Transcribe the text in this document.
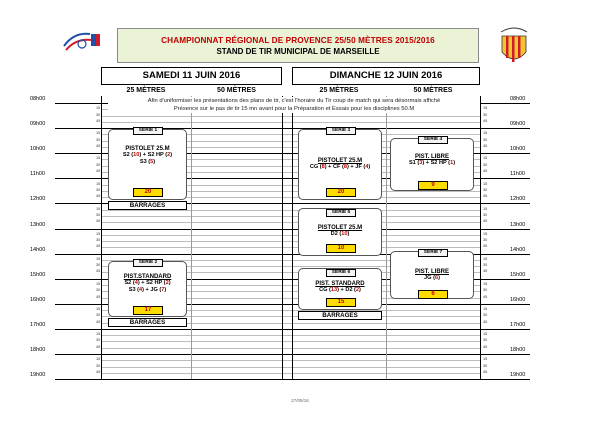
CHAMPIONNAT RÉGIONAL DE PROVENCE 25/50 MÈTRES 2015/2016
STAND DE TIR MUNICIPAL DE MARSEILLE
SAMEDI 11 JUIN 2016	DIMANCHE 12 JUIN 2016
25 MÈTRES	50 MÈTRES	25 MÈTRES	50 MÈTRES
08h00	08h00
15	15
30	30
45	45
09h00	09h00
15	15
30	30
45	45
10h00	10h00
15	15
30	30
45	45
11h00	11h00
15	15
30	30
45	45
12h00	12h00
15	15
30	30
45	45
13h00	13h00
15	15
30	30
45	45
14h00	14h00
15	15
30	30
45	45
15h00	15h00
15	15
30	30
45	45
16h00	16h00
15	15
30	30
45	45
17h00	17h00
15	15
30	30
45	45
18h00	18h00
15	15
30	30
45	45
19h00	19h00
Afin d'uniformiser les présentations des plans de tir, c'est l'horaire du Tir coup de match qui sera désormais affiché
Présence sur le pas de tir 15 mn avant pour la Préparation et Essais pour les disciplines 50.M
SERIE 1
PISTOLET 25.M
S2 (10) + S2 HP (2)
S3 (5)
20
BARRAGES
SERIE 2
PIST.STANDARD
S2 (4) + S2 HP (2)
S3 (4) + JG (7)
17
BARRAGES
SERIE 3
PISTOLET 25.M
CG (8) + CF (8) + JF (4)
20
SERIE 5
PISTOLET 25.M
D2 (10)
10
SERIE 6
PIST. STANDARD
CG (13) + D2 (2)
15
BARRAGES
SERIE 4
PIST. LIBRE
S1 (3) + S2 HP (1)
9
SERIE 7
PIST. LIBRE
JG (6)
6
27/05/16
